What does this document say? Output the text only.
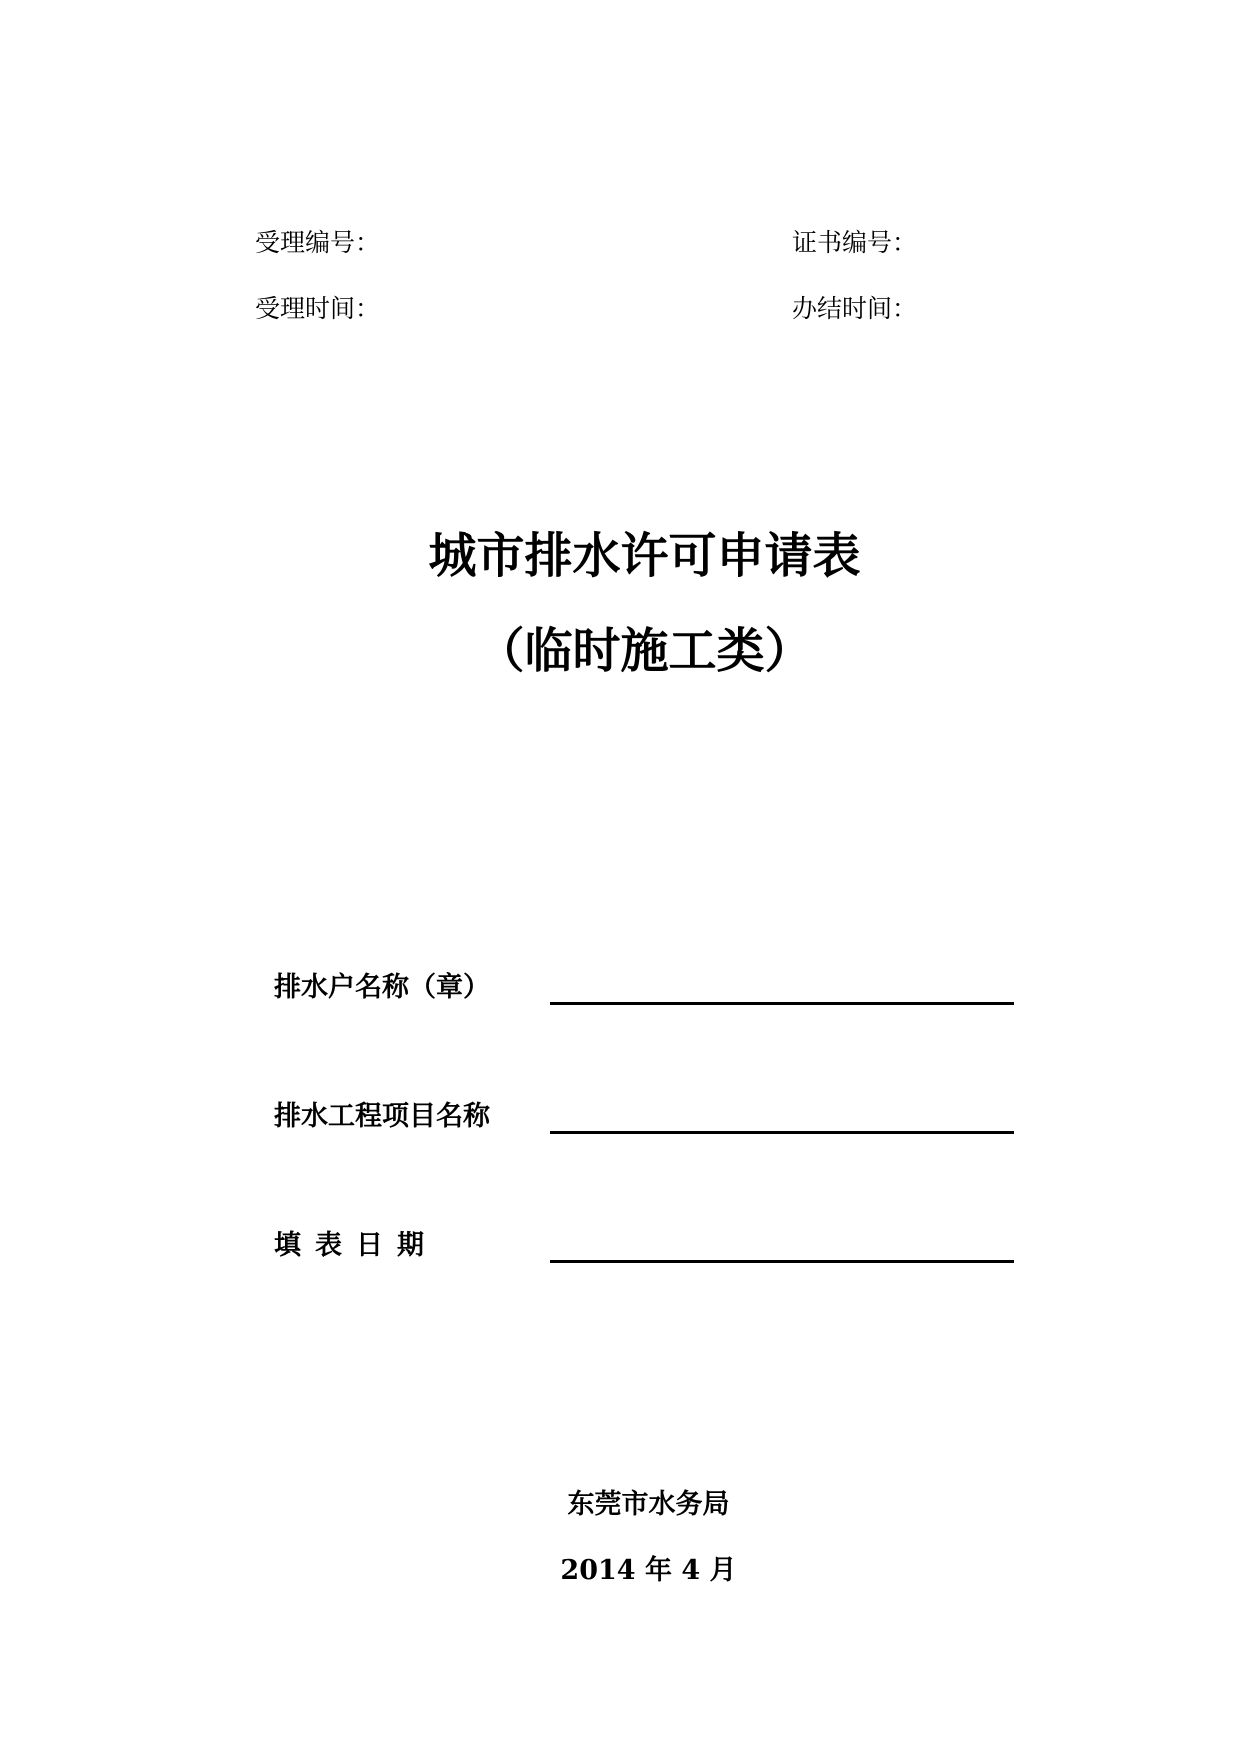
受理编号：	证书编号：
受理时间：	办结时间：
城市排水许可申请表
（临时施工类）
排水户名称（章）
排水工程项目名称
填表日期
东莞市水务局
2014 年 4 月
